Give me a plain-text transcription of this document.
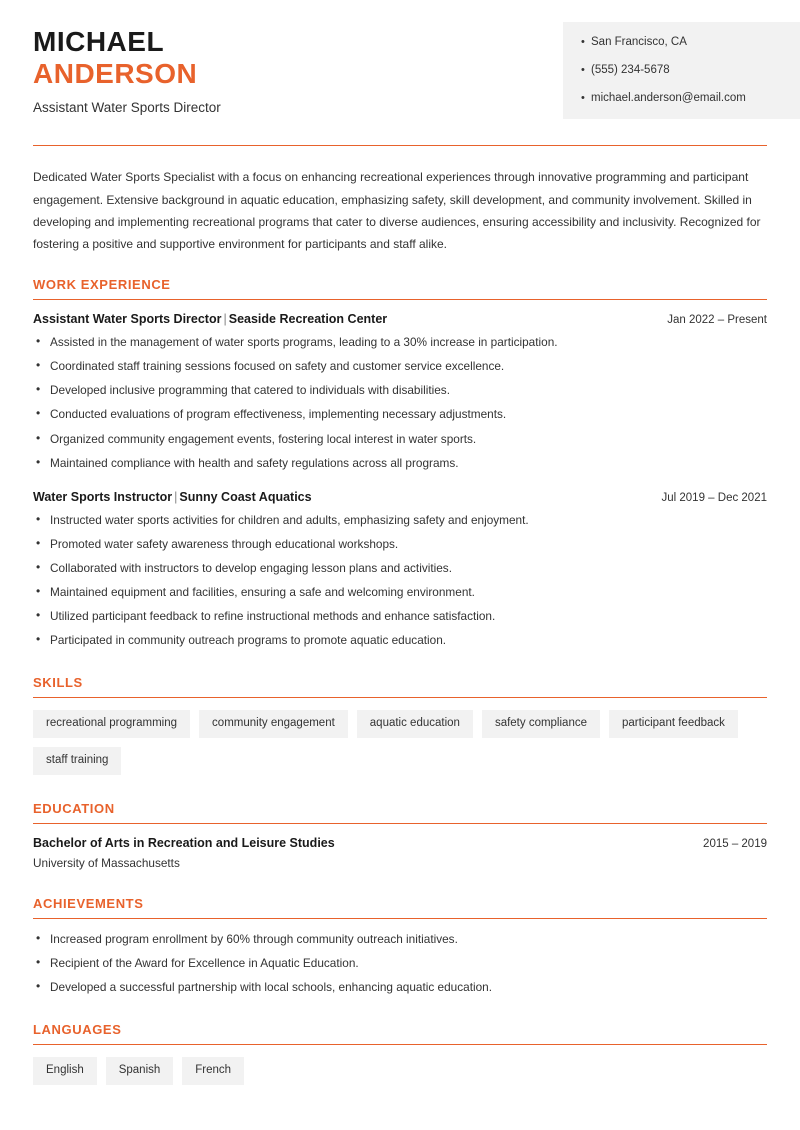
MICHAEL
ANDERSON
Assistant Water Sports Director
• San Francisco, CA
• (555) 234-5678
• michael.anderson@email.com
Dedicated Water Sports Specialist with a focus on enhancing recreational experiences through innovative programming and participant engagement. Extensive background in aquatic education, emphasizing safety, skill development, and community involvement. Skilled in developing and implementing recreational programs that cater to diverse audiences, ensuring accessibility and inclusivity. Recognized for fostering a positive and supportive environment for participants and staff alike.
WORK EXPERIENCE
Assistant Water Sports Director | Seaside Recreation Center	Jan 2022 – Present
• Assisted in the management of water sports programs, leading to a 30% increase in participation.
• Coordinated staff training sessions focused on safety and customer service excellence.
• Developed inclusive programming that catered to individuals with disabilities.
• Conducted evaluations of program effectiveness, implementing necessary adjustments.
• Organized community engagement events, fostering local interest in water sports.
• Maintained compliance with health and safety regulations across all programs.
Water Sports Instructor | Sunny Coast Aquatics	Jul 2019 – Dec 2021
• Instructed water sports activities for children and adults, emphasizing safety and enjoyment.
• Promoted water safety awareness through educational workshops.
• Collaborated with instructors to develop engaging lesson plans and activities.
• Maintained equipment and facilities, ensuring a safe and welcoming environment.
• Utilized participant feedback to refine instructional methods and enhance satisfaction.
• Participated in community outreach programs to promote aquatic education.
SKILLS
recreational programming	community engagement	aquatic education	safety compliance	participant feedback
staff training
EDUCATION
Bachelor of Arts in Recreation and Leisure Studies	2015 – 2019
University of Massachusetts
ACHIEVEMENTS
• Increased program enrollment by 60% through community outreach initiatives.
• Recipient of the Award for Excellence in Aquatic Education.
• Developed a successful partnership with local schools, enhancing aquatic education.
LANGUAGES
English	Spanish	French
